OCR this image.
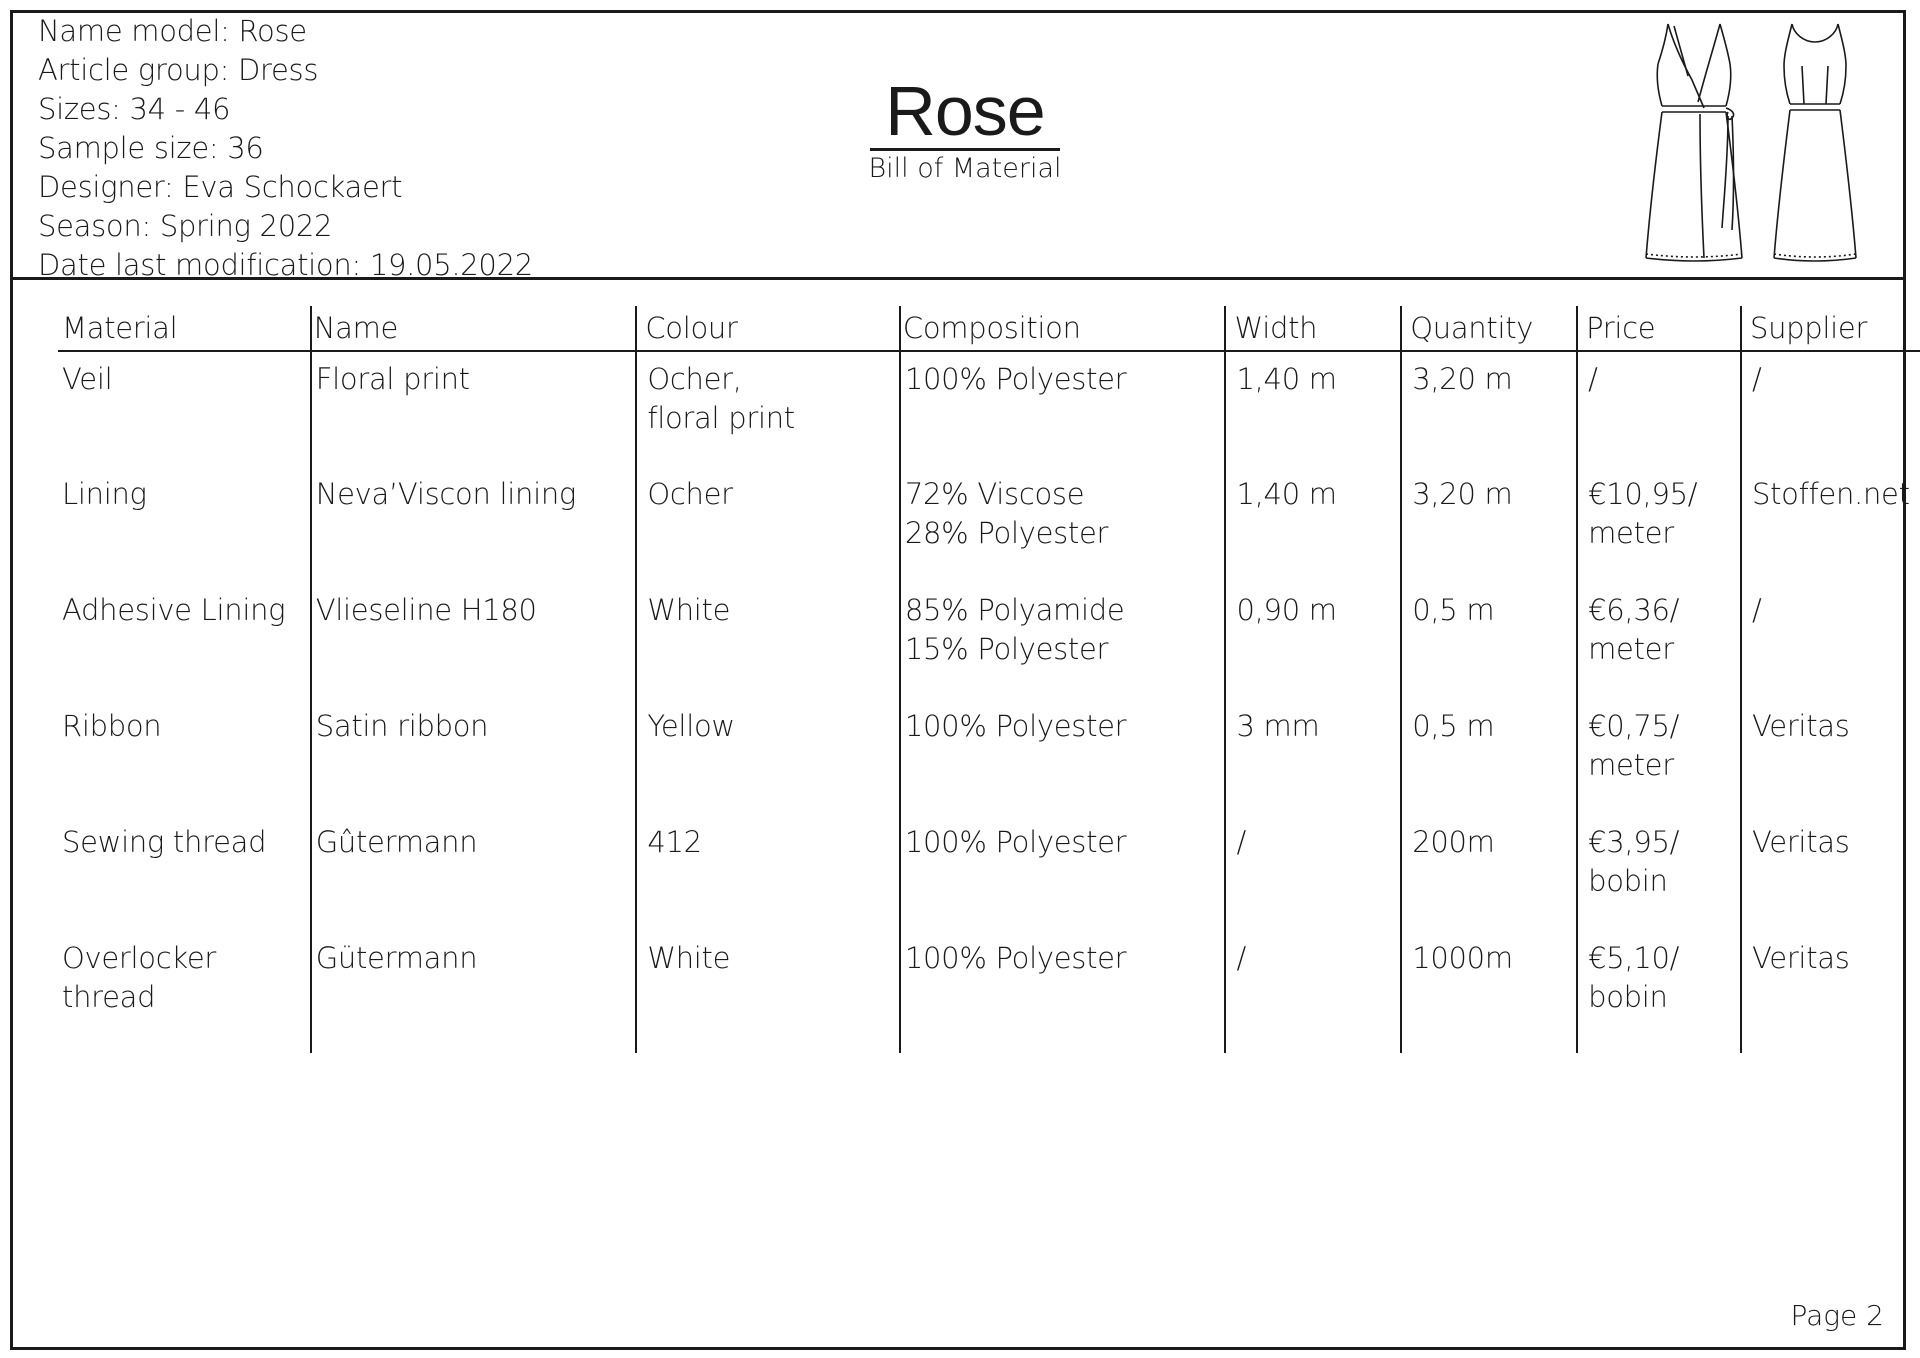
Name model: Rose
Article group: Dress
Sizes: 34 - 46
Sample size: 36
Designer: Eva Schockaert
Season: Spring 2022
Date last modification: 19.05.2022
Rose
Bill of Material
Material	Name	Colour	Composition	Width	Quantity	Price	Supplier
Veil	Floral print	Ocher,
floral print	100% Polyester	1,40 m	3,20 m	/	/
Lining	Neva’Viscon lining	Ocher	72% Viscose
28% Polyester	1,40 m	3,20 m	€10,95/
meter	Stoffen.net
Adhesive Lining	Vlieseline H180	White	85% Polyamide
15% Polyester	0,90 m	0,5 m	€6,36/
meter	/
Ribbon	Satin ribbon	Yellow	100% Polyester	3 mm	0,5 m	€0,75/
meter	Veritas
Sewing thread	Gûtermann	412	100% Polyester	/	200m	€3,95/
bobin	Veritas
Overlocker thread	Gütermann	White	100% Polyester	/	1000m	€5,10/
bobin	Veritas
Page 2
